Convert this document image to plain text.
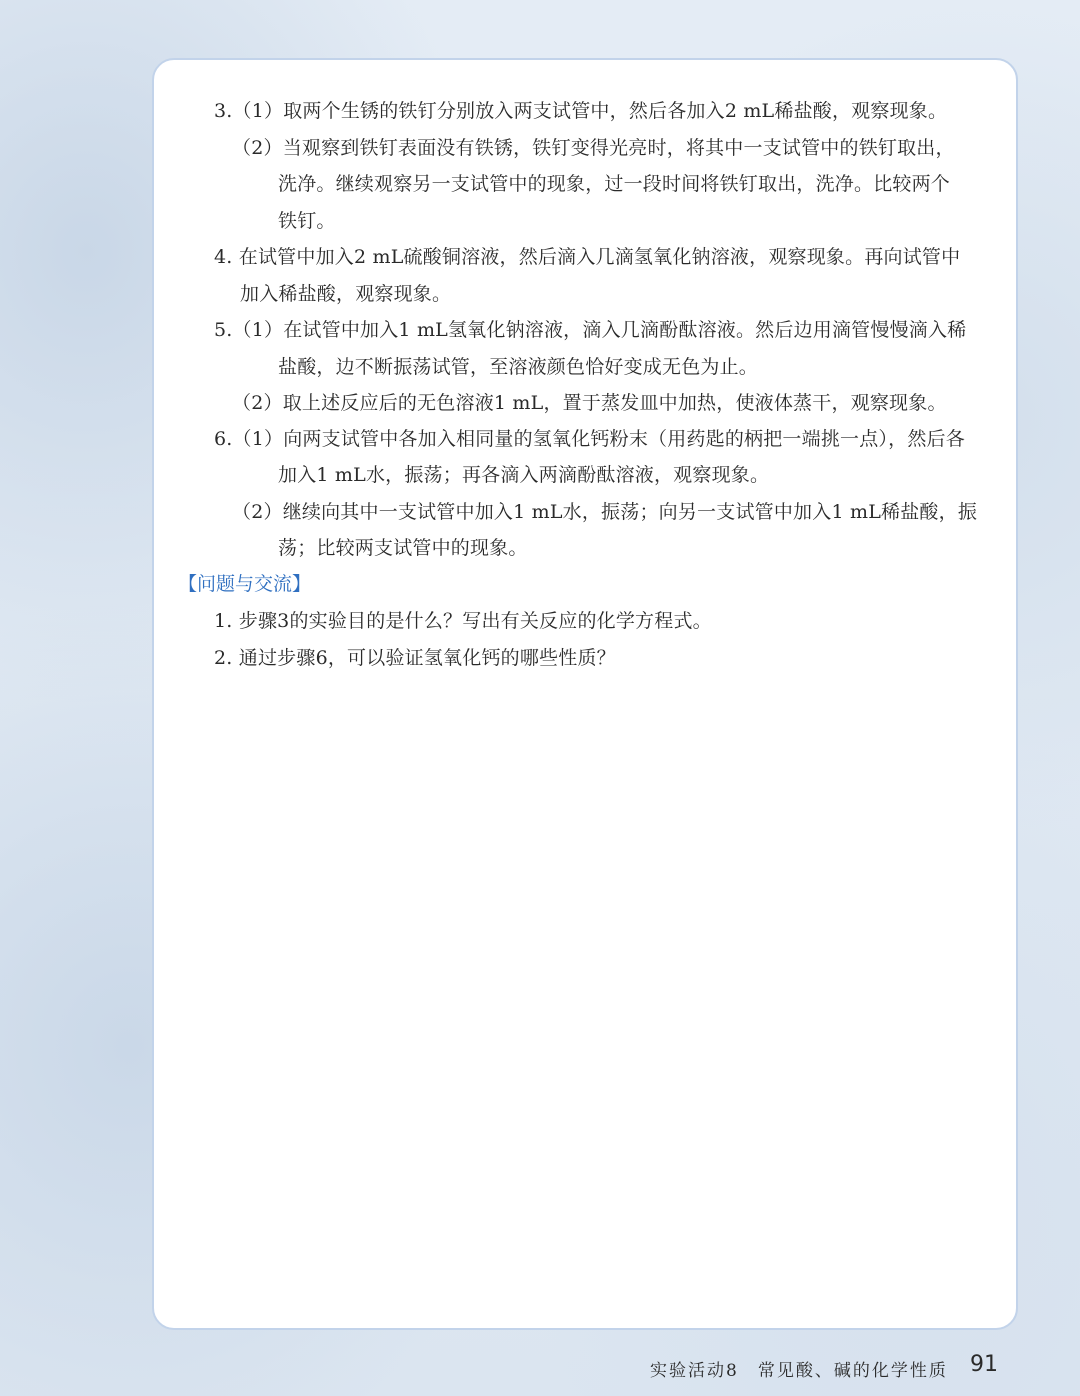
3.（1）取两个生锈的铁钉分别放入两支试管中，然后各加入2 mL稀盐酸，观察现象。
（2）当观察到铁钉表面没有铁锈，铁钉变得光亮时，将其中一支试管中的铁钉取出，
洗净。继续观察另一支试管中的现象，过一段时间将铁钉取出，洗净。比较两个
铁钉。
4. 在试管中加入2 mL硫酸铜溶液，然后滴入几滴氢氧化钠溶液，观察现象。再向试管中
加入稀盐酸，观察现象。
5.（1）在试管中加入1 mL氢氧化钠溶液，滴入几滴酚酞溶液。然后边用滴管慢慢滴入稀
盐酸，边不断振荡试管，至溶液颜色恰好变成无色为止。
（2）取上述反应后的无色溶液1 mL，置于蒸发皿中加热，使液体蒸干，观察现象。
6.（1）向两支试管中各加入相同量的氢氧化钙粉末（用药匙的柄把一端挑一点），然后各
加入1 mL水，振荡；再各滴入两滴酚酞溶液，观察现象。
（2）继续向其中一支试管中加入1 mL水，振荡；向另一支试管中加入1 mL稀盐酸，振
荡；比较两支试管中的现象。
【问题与交流】
1. 步骤3的实验目的是什么？写出有关反应的化学方程式。
2. 通过步骤6，可以验证氢氧化钙的哪些性质？
实验活动8　常见酸、碱的化学性质 91
